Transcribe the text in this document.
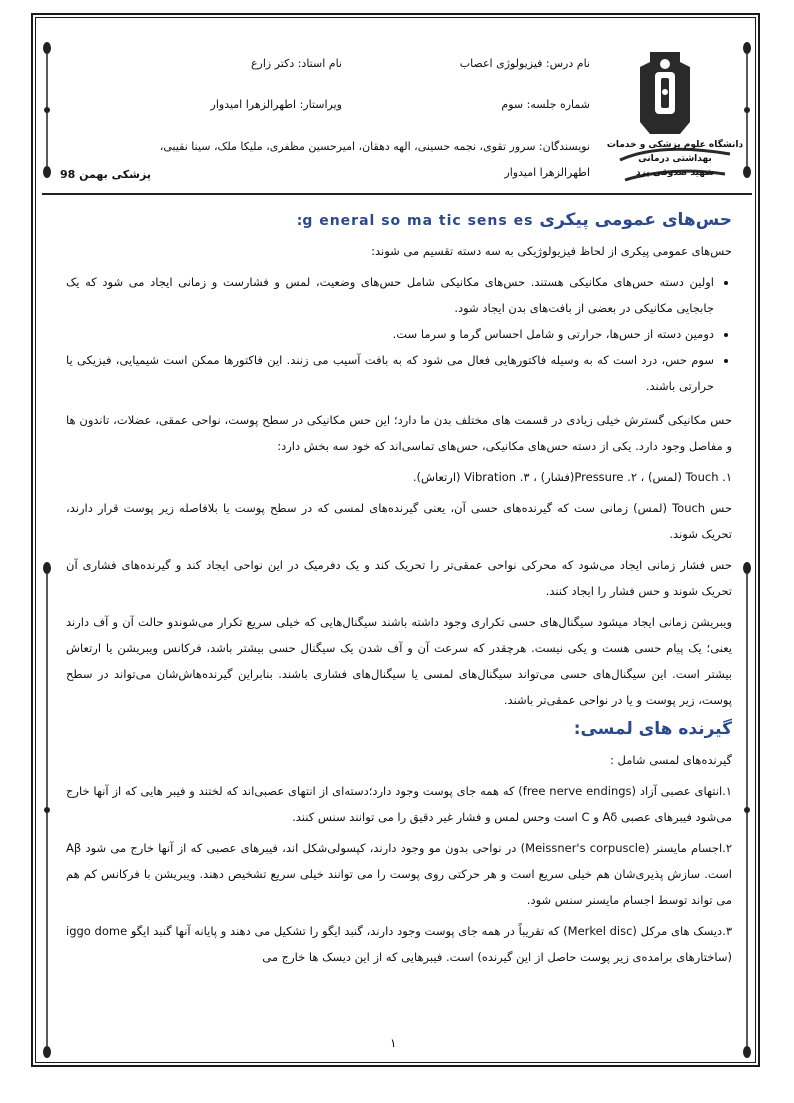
دانشگاه علوم پزشکی و خدمات بهداشتی درمانی
شهید صدوقی یزد
نام درس: فیزیولوژی اعصاب
نام استاد: دکتر زارع
شماره جلسه: سوم
ویراستار: اطهرالزهرا امیدوار
نویسندگان: سرور تقوی، نجمه حسینی، الهه دهقان، امیرحسین مظفری، ملیکا ملک، سینا نقیبی،
اطهرالزهرا امیدوار
پزشکی بهمن 98
حس‌های عمومی پیکری :g eneral so ma tic sens es

حس‌های عمومی پیکری از لحاظ فیزیولوژیکی به سه دسته تقسیم می شوند:

• اولین دسته حس‌های مکانیکی هستند. حس‌های مکانیکی شامل حس‌های وضعیت، لمس و فشارست و زمانی ایجاد می شود که یک جابجایی مکانیکی در بعضی از بافت‌های بدن ایجاد شود.
• دومین دسته از حس‌ها، حرارتی و شامل احساس گرما و سرما ست.
• سوم حس، درد است که به وسیله فاکتورهایی فعال می شود که به بافت آسیب می زنند. این فاکتورها ممکن است شیمیایی، فیزیکی یا حرارتی باشند.

حس مکانیکی گسترش خیلی زیادی در قسمت های مختلف بدن ما دارد؛ این حس مکانیکی در سطح پوست، نواحی عمقی، عضلات، تاندون ها و مفاصل وجود دارد. یکی از دسته حس‌های مکانیکی، حس‌های تماسی‌اند که خود سه بخش دارد:

۱. Touch (لمس) ، ۲. Pressure(فشار) ، ۳. Vibration (ارتعاش).

حس Touch (لمس) زمانی ست که گیرنده‌های حسی آن، یعنی گیرنده‌های لمسی که در سطح پوست یا بلافاصله زیر پوست قرار دارند، تحریک شوند.

حس فشار زمانی ایجاد می‌شود که محرکی نواحی عمقی‌تر را تحریک کند و یک دفرمیک در این نواحی ایجاد کند و گیرنده‌های فشاری آن تحریک شوند و حس فشار را ایجاد کنند.

ویبریشن زمانی ایجاد میشود سیگنال‌های حسی تکراری وجود داشته باشند سیگنال‌هایی که خیلی سریع تکرار می‌شوندو حالت آن و آف دارند یعنی؛ یک پیام حسی هست و یکی نیست. هرچقدر که سرعت آن و آف شدن یک سیگنال حسی بیشتر باشد، فرکانس ویبریشن یا ارتعاش بیشتر است. این سیگنال‌های حسی می‌تواند سیگنال‌های لمسی یا سیگنال‌های فشاری باشند. بنابراین گیرنده‌هاش‌شان می‌تواند در سطح پوست، زیر پوست و یا در نواحی عمقی‌تر باشند.

گیرنده های لمسی:

گیرنده‌های لمسی شامل :

۱.انتهای عصبی آزاد (free nerve endings) که همه جای پوست وجود دارد؛دسته‌ای از انتهای عصبی‌اند که لختند و فیبر هایی که از آنها خارج می‌شود فیبرهای عصبی Aδ و C است وحس لمس و فشار غیر دقیق را می توانند سنس کنند.

۲.اجسام مایسنر (Meissner's corpuscle) در نواحی بدون مو وجود دارند، کپسولی‌شکل اند، فیبرهای عصبی که از آنها خارج می شود Aβ است. سازش پذیری‌شان هم خیلی سریع است و هر حرکتی روی پوست را می توانند خیلی سریع تشخیص دهند. ویبریشن با فرکانس کم هم می تواند توسط اجسام مایسنر سنس شود.

۳.دیسک های مرکل (Merkel disc) که تقریباً در همه جای پوست وجود دارند، گنبد ایگو را تشکیل می دهند و پایانه آنها گنبد ایگو iggo dome (ساختارهای برامده‌ی زیر پوست حاصل از این گیرنده) است. فیبرهایی که از این دیسک ها خارج می

۱
